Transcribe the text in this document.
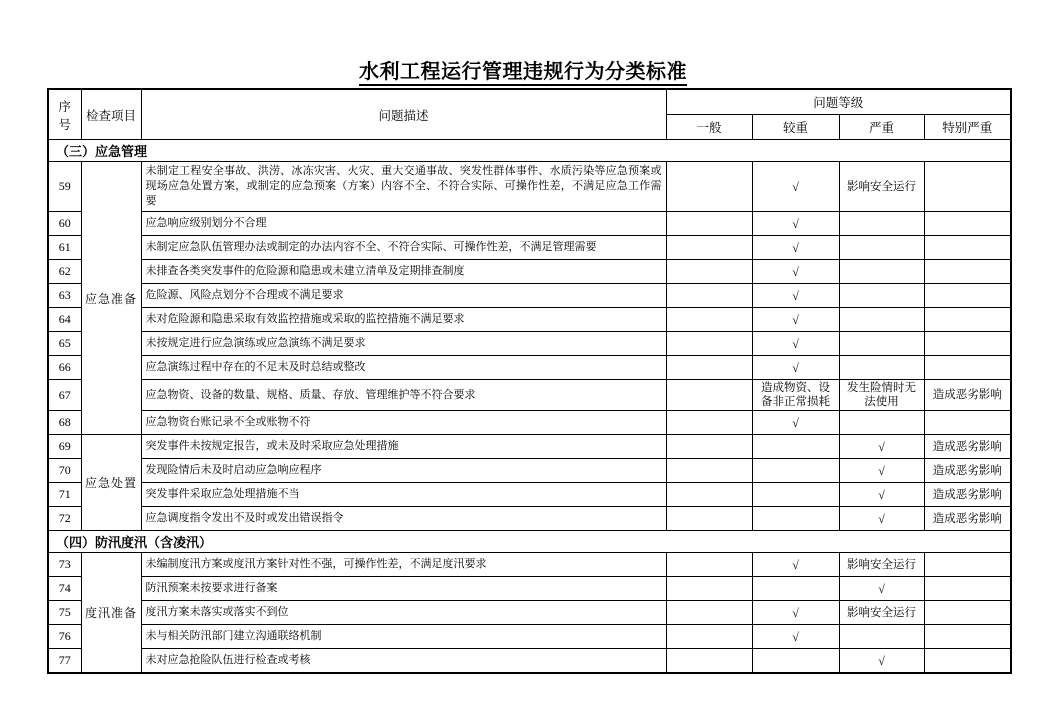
水利工程运行管理违规行为分类标准
序号	检查项目	问题描述	问题等级			
			一般	较重	严重	特别严重
（三）应急管理						
59	应急准备	未制定工程安全事故、洪涝、冰冻灾害、火灾、重大交通事故、突发性群体事件、水质污染等应急预案或现场应急处置方案，或制定的应急预案（方案）内容不全、不符合实际、可操作性差，不满足应急工作需要		√	影响安全运行	
60		应急响应级别划分不合理		√		
61		未制定应急队伍管理办法或制定的办法内容不全、不符合实际、可操作性差，不满足管理需要		√		
62		未排查各类突发事件的危险源和隐患或未建立清单及定期排查制度		√		
63		危险源、风险点划分不合理或不满足要求		√		
64		未对危险源和隐患采取有效监控措施或采取的监控措施不满足要求		√		
65		未按规定进行应急演练或应急演练不满足要求		√		
66		应急演练过程中存在的不足未及时总结或整改		√		
67		应急物资、设备的数量、规格、质量、存放、管理维护等不符合要求		造成物资、设备非正常损耗	发生险情时无法使用	造成恶劣影响
68		应急物资台账记录不全或账物不符		√		
69	应急处置	突发事件未按规定报告，或未及时采取应急处理措施			√	造成恶劣影响
70		发现险情后未及时启动应急响应程序			√	造成恶劣影响
71		突发事件采取应急处理措施不当			√	造成恶劣影响
72		应急调度指令发出不及时或发出错误指令			√	造成恶劣影响
（四）防汛度汛（含凌汛）						
73	度汛准备	未编制度汛方案或度汛方案针对性不强，可操作性差，不满足度汛要求		√	影响安全运行	
74		防汛预案未按要求进行备案			√	
75		度汛方案未落实或落实不到位		√	影响安全运行	
76		未与相关防汛部门建立沟通联络机制		√		
77		未对应急抢险队伍进行检查或考核			√	
